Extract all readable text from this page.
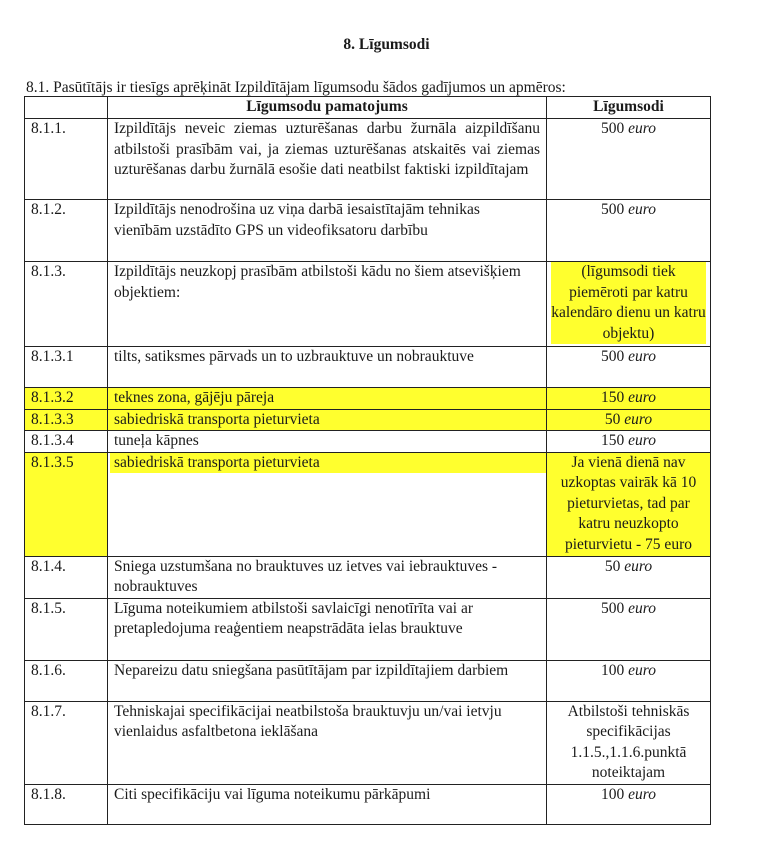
8. Līgumsodi
8.1. Pasūtītājs ir tiesīgs aprēķināt Izpildītājam līgumsodu šādos gadījumos un apmēros:
	Līgumsodu pamatojums	Līgumsodi
8.1.1.	Izpildītājs neveic ziemas uzturēšanas darbu žurnāla aizpildīšanu atbilstoši prasībām vai, ja ziemas uzturēšanas atskaitēs vai ziemas uzturēšanas darbu žurnālā esošie dati neatbilst faktiski izpildītajam	500 euro
8.1.2.	Izpildītājs nenodrošina uz viņa darbā iesaistītajām tehnikas vienībām uzstādīto GPS un videofiksatoru darbību	500 euro
8.1.3.	Izpildītājs neuzkopj prasībām atbilstoši kādu no šiem atsevišķiem objektiem:	(līgumsodi tiek piemēroti par katru kalendāro dienu un katru objektu)

8.1.3.1	tilts, satiksmes pārvads un to uzbrauktuve un nobrauktuve	500 euro
8.1.3.2	teknes zona, gājēju pāreja	150 euro
8.1.3.3	sabiedriskā transporta pieturvieta	50 euro
8.1.3.4	tuneļa kāpnes	150 euro
8.1.3.5	sabiedriskā transporta pieturvieta	Ja vienā dienā nav uzkoptas vairāk kā 10 pieturvietas, tad par katru neuzkopto pieturvietu - 75 euro
8.1.4.	Sniega uzstumšana no brauktuves uz ietves vai iebrauktuves - nobrauktuves	50 euro
8.1.5.	Līguma noteikumiem atbilstoši savlaicīgi nenotīrīta vai ar pretapledojuma reaģentiem neapstrādāta ielas brauktuve	500 euro
8.1.6.	Nepareizu datu sniegšana pasūtītājam par izpildītajiem darbiem	100 euro
8.1.7.	Tehniskajai specifikācijai neatbilstoša brauktuvju un/vai ietvju vienlaidus asfaltbetona ieklāšana	Atbilstoši tehniskās specifikācijas 1.1.5.,1.1.6.punktā noteiktajam
8.1.8.	Citi specifikāciju vai līguma noteikumu pārkāpumi	100 euro
